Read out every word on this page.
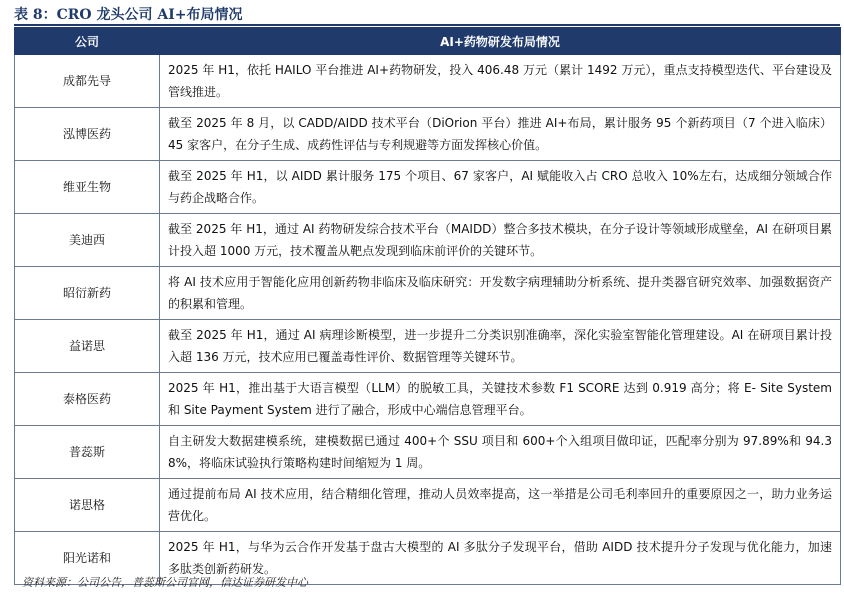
表 8：CRO 龙头公司 AI+布局情况
公司	AI+药物研发布局情况
成都先导	2025 年 H1，依托 HAILO 平台推进 AI+药物研发，投入 406.48 万元（累计 1492 万元），重点支持模型迭代、平台建设及管线推进。
泓博医药	截至 2025 年 8 月，以 CADD/AIDD 技术平台（DiOrion 平台）推进 AI+布局，累计服务 95 个新药项目（7 个进入临床）45 家客户，在分子生成、成药性评估与专利规避等方面发挥核心价值。
维亚生物	截至 2025 年 H1，以 AIDD 累计服务 175 个项目、67 家客户，AI 赋能收入占 CRO 总收入 10%左右，达成细分领域合作与药企战略合作。
美迪西	截至 2025 年 H1，通过 AI 药物研发综合技术平台（MAIDD）整合多技术模块，在分子设计等领域形成壁垒，AI 在研项目累计投入超 1000 万元，技术覆盖从靶点发现到临床前评价的关键环节。
昭衍新药	将 AI 技术应用于智能化应用创新药物非临床及临床研究：开发数字病理辅助分析系统、提升类器官研究效率、加强数据资产的积累和管理。
益诺思	截至 2025 年 H1，通过 AI 病理诊断模型，进一步提升二分类识别准确率，深化实验室智能化管理建设。AI 在研项目累计投入超 136 万元，技术应用已覆盖毒性评价、数据管理等关键环节。
泰格医药	2025 年 H1，推出基于大语言模型（LLM）的脱敏工具，关键技术参数 F1 SCORE 达到 0.919 高分；将 E- Site System 和 Site Payment System 进行了融合，形成中心端信息管理平台。
普蕊斯	自主研发大数据建模系统，建模数据已通过 400+个 SSU 项目和 600+个入组项目做印证，匹配率分别为 97.89%和 94.38%，将临床试验执行策略构建时间缩短为 1 周。
诺思格	通过提前布局 AI 技术应用，结合精细化管理，推动人员效率提高，这一举措是公司毛利率回升的重要原因之一，助力业务运营优化。
阳光诺和	2025 年 H1，与华为云合作开发基于盘古大模型的 AI 多肽分子发现平台，借助 AIDD 技术提升分子发现与优化能力，加速多肽类创新药研发。
资料来源：公司公告，普蕊斯公司官网，信达证券研发中心
